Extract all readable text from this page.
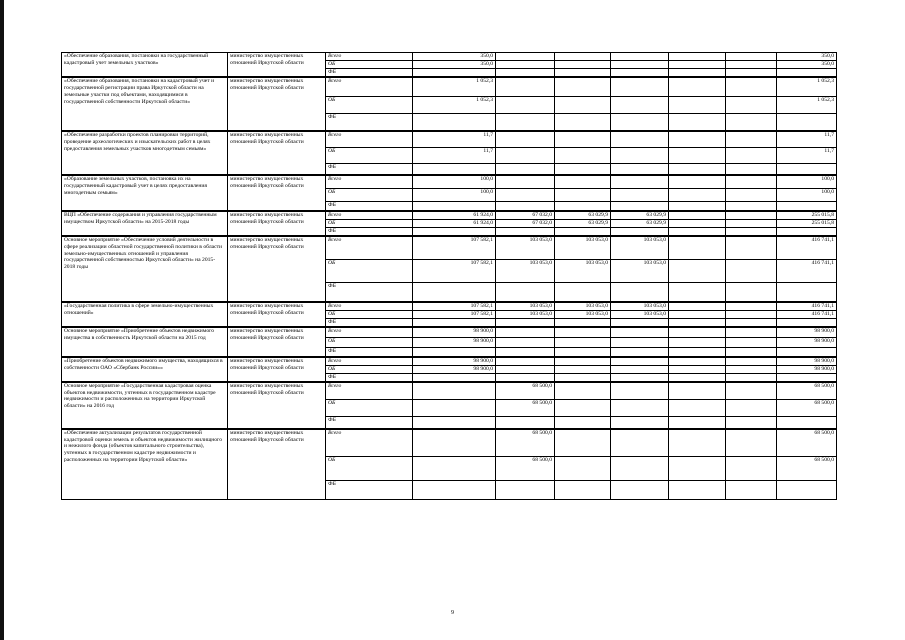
«Обеспечение образования, постановки на государственный кадастровый учет земельных участков»	министерство имущественных отношений Иркутской области	Всего	350,0						350,0
		ОБ	350,0						350,0
		ФБ							

«Обеспечение образования, постановки на кадастровый учет и государственной регистрации права Иркутской области на земельные участки под объектами, находящимися в государственной собственности Иркутской области»	министерство имущественных отношений Иркутской области	Всего	1 052,3						1 052,3
		ОБ	1 052,3						1 052,3
		ФБ							

«Обеспечение разработки проектов планировки территорий, проведение археологических и изыскательских работ в целях предоставления земельных участков многодетным семьям»	министерство имущественных отношений Иркутской области	Всего	11,7						11,7
		ОБ	11,7						11,7
		ФБ							

«Образование земельных участков, постановка их на государственный кадастровый учет в целях предоставления многодетным семьям»	министерство имущественных отношений Иркутской области	Всего	100,0						100,0
		ОБ	100,0						100,0
		ФБ							

ВЦП «Обеспечение содержания и управления государственным имуществом Иркутской области» на 2015-2018 годы	министерство имущественных отношений Иркутской области	Всего	61 924,0	67 032,0	63 029,9	63 029,9			255 015,8
		ОБ	61 924,0	67 032,0	63 029,9	63 029,9			255 015,8
		ФБ							

Основное мероприятие «Обеспечение условий деятельности в сфере реализации областной государственной политики в области земельно-имущественных отношений и управления государственной собственностью Иркутской области» на 2015-2018 годы	министерство имущественных отношений Иркутской области	Всего	107 582,1	103 053,0	103 053,0	103 053,0			416 741,1
		ОБ	107 582,1	103 053,0	103 053,0	103 053,0			416 741,1
		ФБ							

«Государственная политика в сфере земельно-имущественных отношений»	министерство имущественных отношений Иркутской области	Всего	107 582,1	103 053,0	103 053,0	103 053,0			416 741,1
		ОБ	107 582,1	103 053,0	103 053,0	103 053,0			416 741,1
		ФБ							

Основное мероприятие «Приобретение объектов недвижимого имущества в собственность Иркутской области на 2015 год	министерство имущественных отношений Иркутской области	Всего	98 900,0						98 900,0
		ОБ	98 900,0						98 900,0
		ФБ							

«Приобретение объектов недвижимого имущества, находящихся в собственности ОАО «Сбербанк России»»	министерство имущественных отношений Иркутской области	Всего	98 900,0						98 900,0
		ОБ	98 900,0						98 900,0
		ФБ							

Основное мероприятие «Государственная кадастровая оценка объектов недвижимости, учтенных в государственном кадастре недвижимости и расположенных на территории Иркутской области» на 2016 год	министерство имущественных отношений Иркутской области	Всего		68 500,0					68 500,0
		ОБ		68 500,0					68 500,0
		ФБ							

«Обеспечение актуализации результатов государственной кадастровой оценки земель и объектов недвижимости жилищного и нежилого фонда (объектов капитального строительства), учтенных в государственном кадастре недвижимости и расположенных на территории Иркутской области»	министерство имущественных отношений Иркутской области	Всего		68 500,0					68 500,0
		ОБ		68 500,0					68 500,0
		ФБ							
9
